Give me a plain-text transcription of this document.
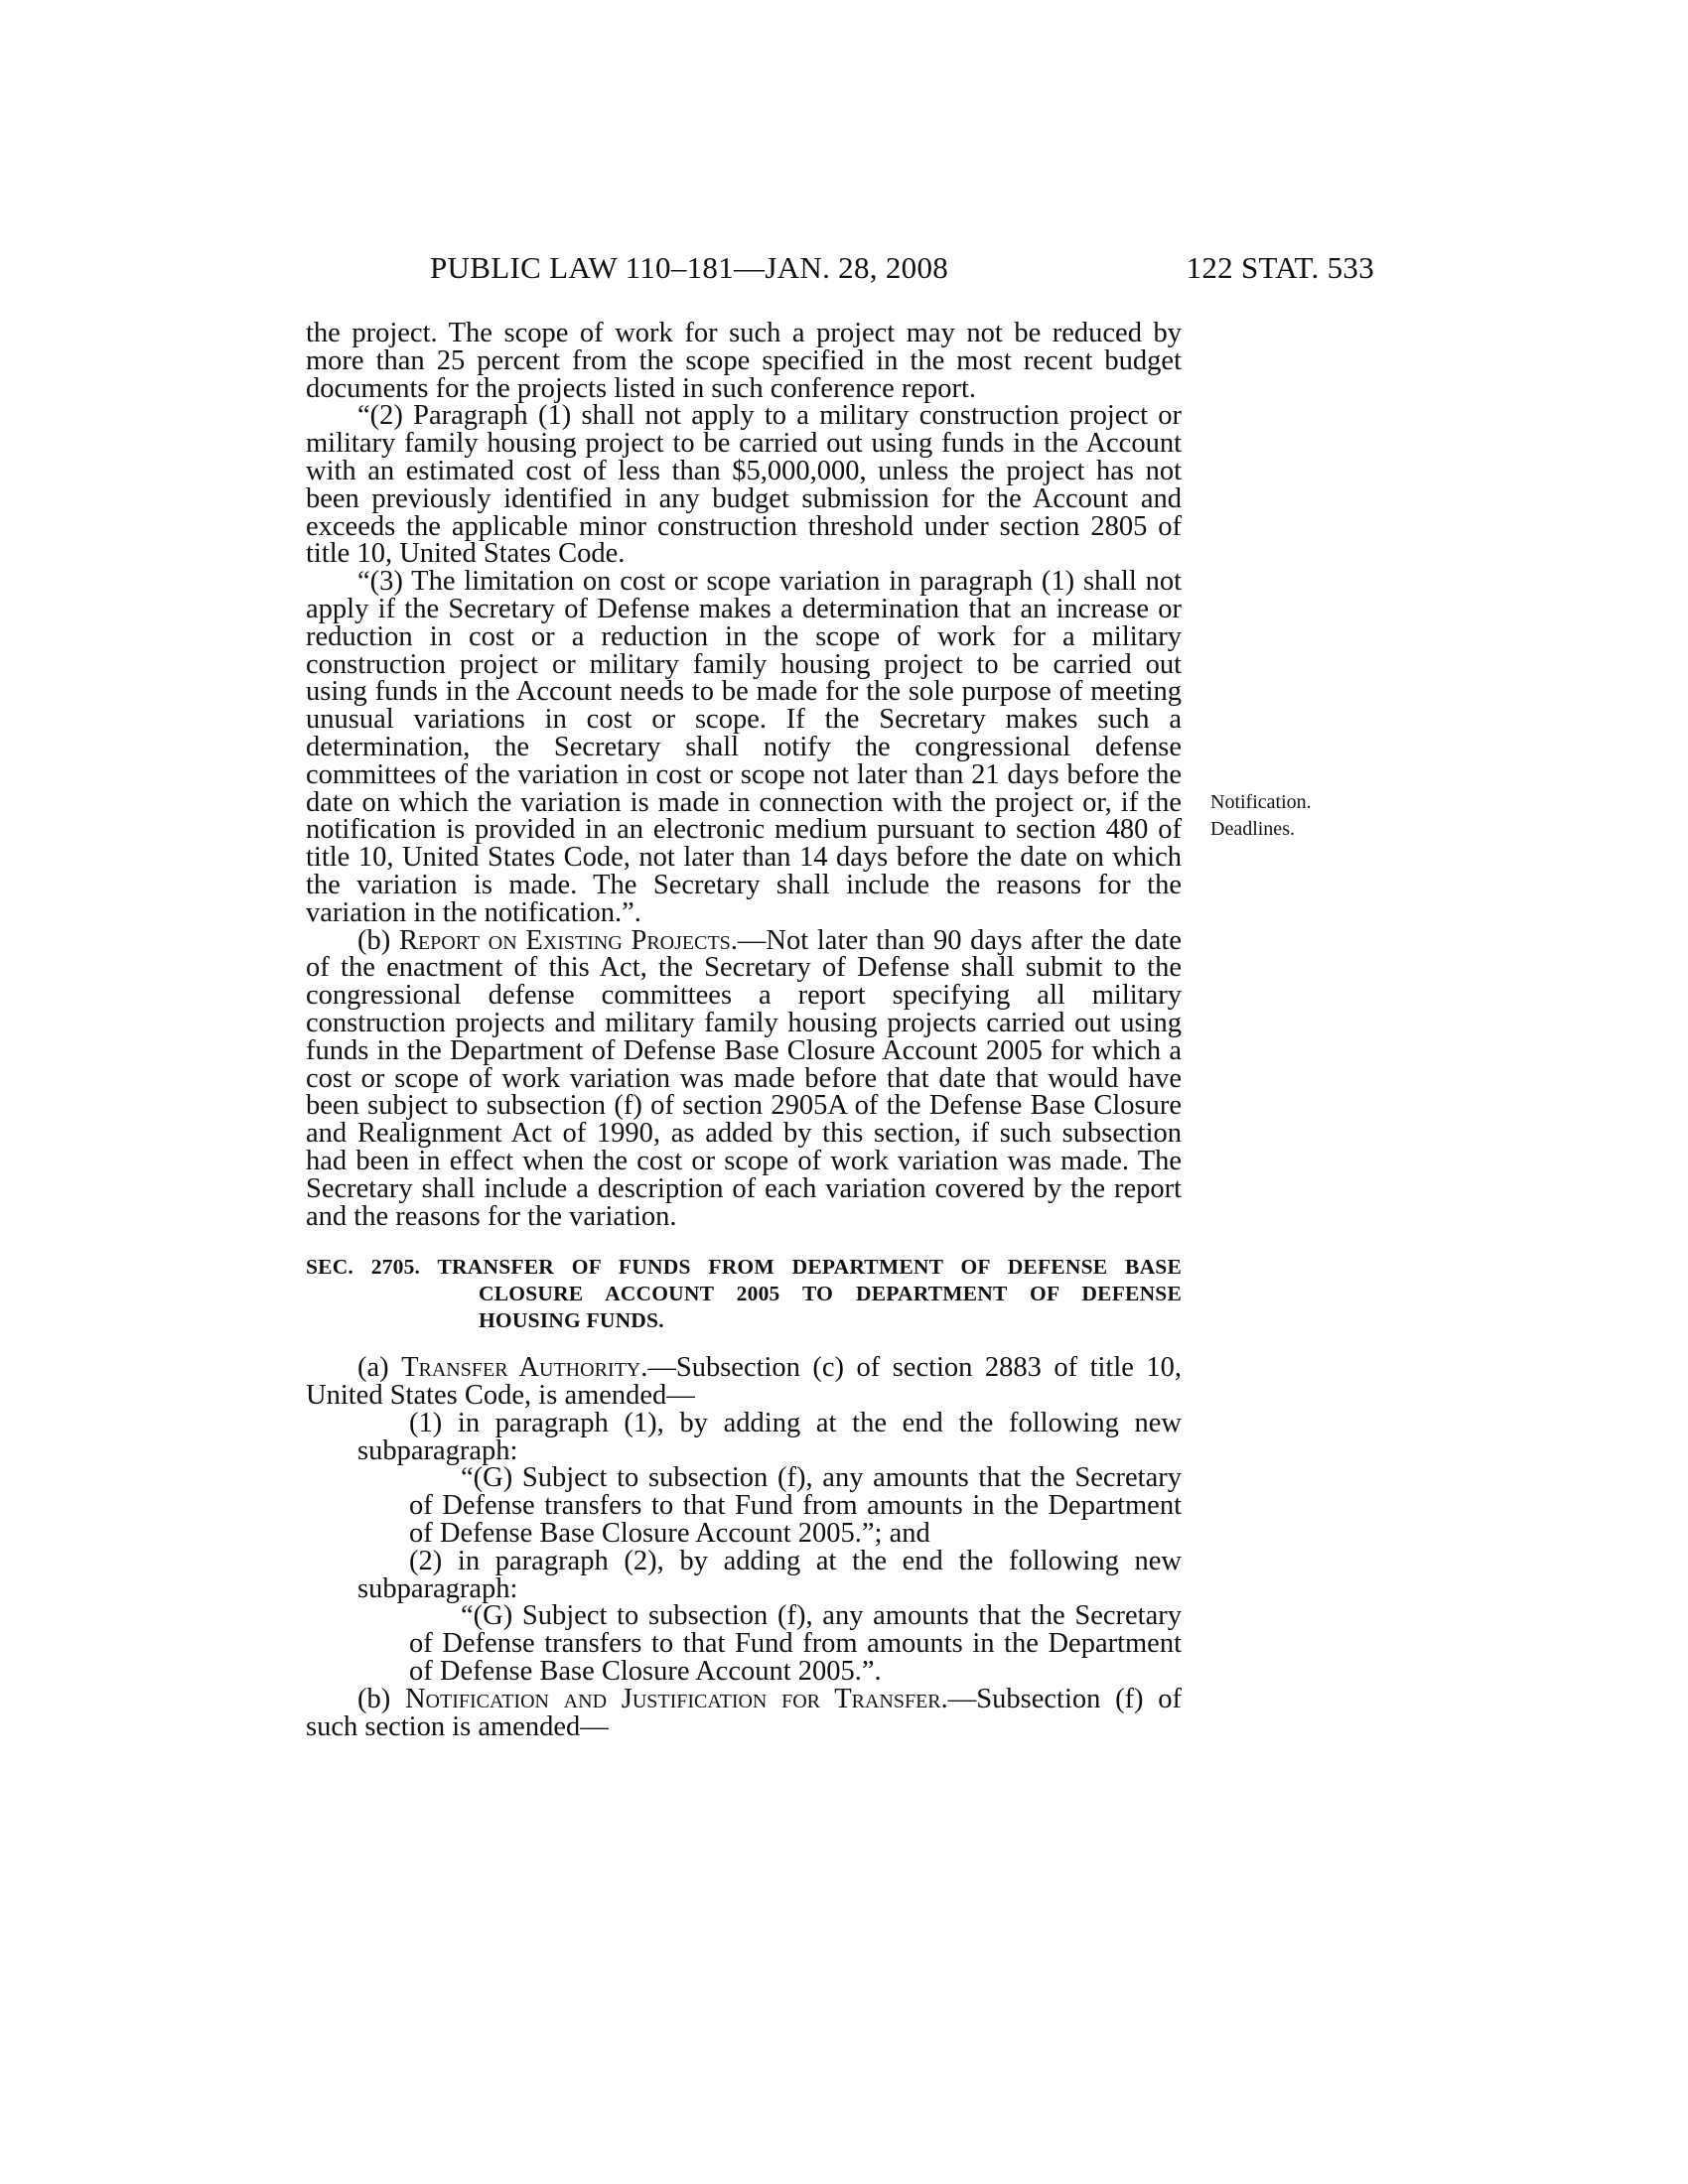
PUBLIC LAW 110–181—JAN. 28, 2008	122 STAT. 533
Notification.
Deadlines.

the project. The scope of work for such a project may not be reduced by more than 25 percent from the scope specified in the most recent budget documents for the projects listed in such conference report.

“(2) Paragraph (1) shall not apply to a military construction project or military family housing project to be carried out using funds in the Account with an estimated cost of less than $5,000,000, unless the project has not been previously identified in any budget submission for the Account and exceeds the applicable minor construction threshold under section 2805 of title 10, United States Code.

“(3) The limitation on cost or scope variation in paragraph (1) shall not apply if the Secretary of Defense makes a determination that an increase or reduction in cost or a reduction in the scope of work for a military construction project or military family housing project to be carried out using funds in the Account needs to be made for the sole purpose of meeting unusual variations in cost or scope. If the Secretary makes such a determination, the Secretary shall notify the congressional defense committees of the variation in cost or scope not later than 21 days before the date on which the variation is made in connection with the project or, if the notification is provided in an electronic medium pursuant to section 480 of title 10, United States Code, not later than 14 days before the date on which the variation is made. The Secretary shall include the reasons for the variation in the notification.”.

(b) Report on Existing Projects.—Not later than 90 days after the date of the enactment of this Act, the Secretary of Defense shall submit to the congressional defense committees a report specifying all military construction projects and military family housing projects carried out using funds in the Department of Defense Base Closure Account 2005 for which a cost or scope of work variation was made before that date that would have been subject to subsection (f) of section 2905A of the Defense Base Closure and Realignment Act of 1990, as added by this section, if such subsection had been in effect when the cost or scope of work variation was made. The Secretary shall include a description of each variation covered by the report and the reasons for the variation.

SEC. 2705. TRANSFER OF FUNDS FROM DEPARTMENT OF DEFENSE BASE CLOSURE ACCOUNT 2005 TO DEPARTMENT OF DEFENSE HOUSING FUNDS.

(a) Transfer Authority.—Subsection (c) of section 2883 of title 10, United States Code, is amended—

(1) in paragraph (1), by adding at the end the following new subparagraph:

“(G) Subject to subsection (f), any amounts that the Secretary of Defense transfers to that Fund from amounts in the Department of Defense Base Closure Account 2005.”; and

(2) in paragraph (2), by adding at the end the following new subparagraph:

“(G) Subject to subsection (f), any amounts that the Secretary of Defense transfers to that Fund from amounts in the Department of Defense Base Closure Account 2005.”.

(b) Notification and Justification for Transfer.—Subsection (f) of such section is amended—
